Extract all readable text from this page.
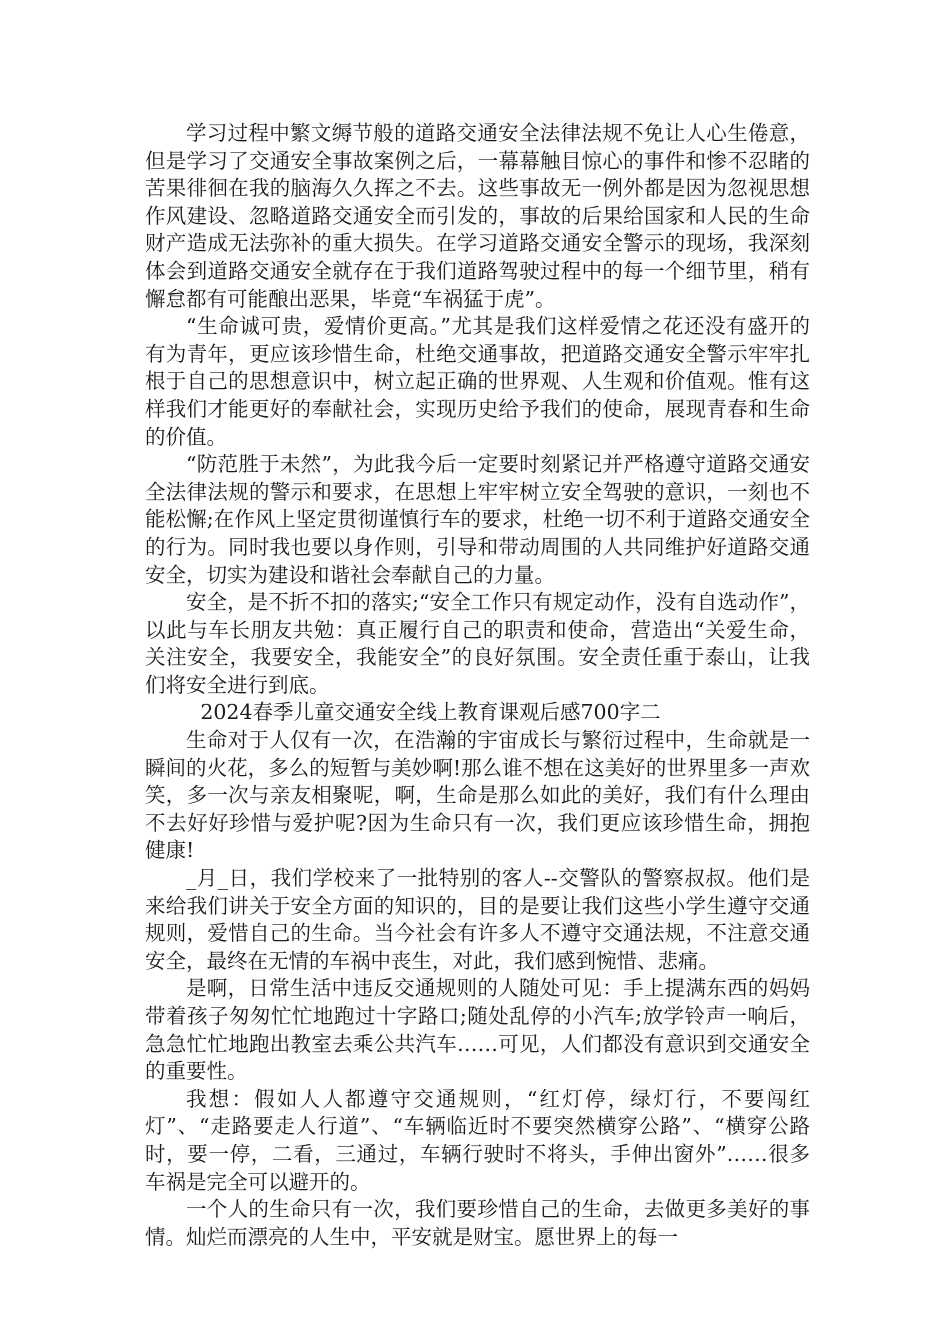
学习过程中繁文缛节般的道路交通安全法律法规不免让人心生倦意，但是学习了交通安全事故案例之后，一幕幕触目惊心的事件和惨不忍睹的苦果徘徊在我的脑海久久挥之不去。这些事故无一例外都是因为忽视思想作风建设、忽略道路交通安全而引发的，事故的后果给国家和人民的生命财产造成无法弥补的重大损失。在学习道路交通安全警示的现场，我深刻体会到道路交通安全就存在于我们道路驾驶过程中的每一个细节里，稍有懈怠都有可能酿出恶果，毕竟“车祸猛于虎”。

“生命诚可贵，爱情价更高。”尤其是我们这样爱情之花还没有盛开的有为青年，更应该珍惜生命，杜绝交通事故，把道路交通安全警示牢牢扎根于自己的思想意识中，树立起正确的世界观、人生观和价值观。惟有这样我们才能更好的奉献社会，实现历史给予我们的使命，展现青春和生命的价值。

“防范胜于未然”，为此我今后一定要时刻紧记并严格遵守道路交通安全法律法规的警示和要求，在思想上牢牢树立安全驾驶的意识，一刻也不能松懈;在作风上坚定贯彻谨慎行车的要求，杜绝一切不利于道路交通安全的行为。同时我也要以身作则，引导和带动周围的人共同维护好道路交通安全，切实为建设和谐社会奉献自己的力量。

安全，是不折不扣的落实;“安全工作只有规定动作，没有自选动作”，以此与车长朋友共勉：真正履行自己的职责和使命，营造出“关爱生命，关注安全，我要安全，我能安全”的良好氛围。安全责任重于泰山，让我们将安全进行到底。

2024春季儿童交通安全线上教育课观后感700字二

生命对于人仅有一次，在浩瀚的宇宙成长与繁衍过程中，生命就是一瞬间的火花，多么的短暂与美妙啊!那么谁不想在这美好的世界里多一声欢笑，多一次与亲友相聚呢，啊，生命是那么如此的美好，我们有什么理由不去好好珍惜与爱护呢?因为生命只有一次，我们更应该珍惜生命，拥抱健康!

_月_日，我们学校来了一批特别的客人--交警队的警察叔叔。他们是来给我们讲关于安全方面的知识的，目的是要让我们这些小学生遵守交通规则，爱惜自己的生命。当今社会有许多人不遵守交通法规，不注意交通安全，最终在无情的车祸中丧生，对此，我们感到惋惜、悲痛。

是啊，日常生活中违反交通规则的人随处可见：手上提满东西的妈妈带着孩子匆匆忙忙地跑过十字路口;随处乱停的小汽车;放学铃声一响后，急急忙忙地跑出教室去乘公共汽车……可见，人们都没有意识到交通安全的重要性。

我想：假如人人都遵守交通规则，“红灯停，绿灯行，不要闯红灯”、“走路要走人行道”、“车辆临近时不要突然横穿公路”、“横穿公路时，要一停，二看，三通过，车辆行驶时不将头，手伸出窗外”……很多车祸是完全可以避开的。

一个人的生命只有一次，我们要珍惜自己的生命，去做更多美好的事情。灿烂而漂亮的人生中，平安就是财宝。愿世界上的每一
